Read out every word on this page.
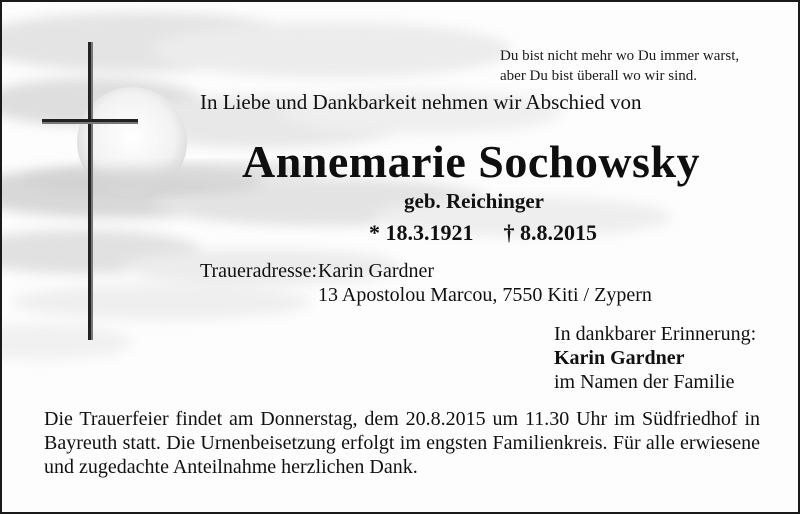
Du bist nicht mehr wo Du immer warst,
aber Du bist überall wo wir sind.
In Liebe und Dankbarkeit nehmen wir Abschied von
Annemarie Sochowsky
geb. Reichinger
* 18.3.1921 † 8.8.2015
Traueradresse: Karin Gardner
13 Apostolou Marcou, 7550 Kiti / Zypern
In dankbarer Erinnerung:
Karin Gardner
im Namen der Familie
Die Trauerfeier findet am Donnerstag, dem 20.8.2015 um 11.30 Uhr im Südfriedhof in Bayreuth statt. Die Urnenbeisetzung erfolgt im engsten Familienkreis. Für alle erwiesene und zugedachte Anteilnahme herzlichen Dank.
